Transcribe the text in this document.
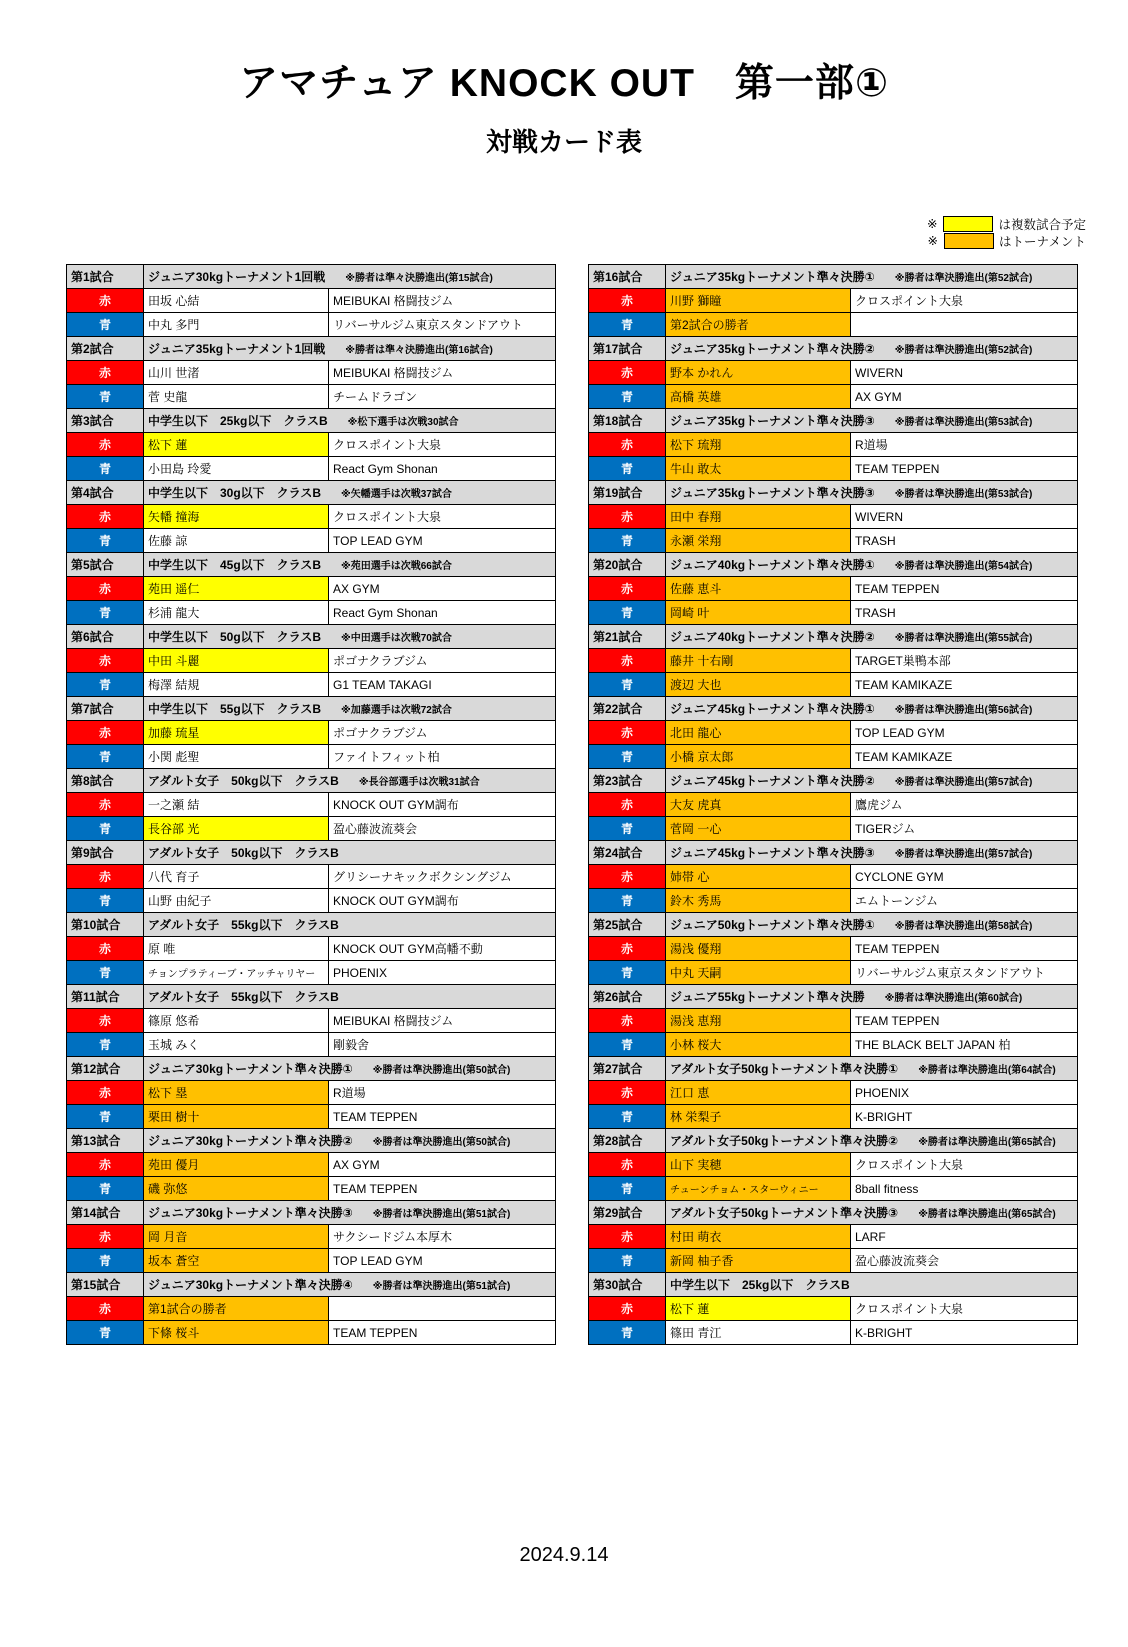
アマチュア KNOCK OUT　第一部①
対戦カード表
※	は複数試合予定
※	はトーナメント
第1試合	ジュニア30kgトーナメント1回戦　　※勝者は準々決勝進出(第15試合)	
赤	田坂 心結	MEIBUKAI 格闘技ジム
青	中丸 多門	リバーサルジム東京スタンドアウト
第2試合	ジュニア35kgトーナメント1回戦　　※勝者は準々決勝進出(第16試合)	
赤	山川 世渚	MEIBUKAI 格闘技ジム
青	菅 史龍	チームドラゴン
第3試合	中学生以下　25kg以下　クラスB　　※松下選手は次戦30試合	
赤	松下 蓮	クロスポイント大泉
青	小田島 玲愛	React Gym Shonan
第4試合	中学生以下　30g以下　クラスB　　※矢幡選手は次戦37試合	
赤	矢幡 撞海	クロスポイント大泉
青	佐藤 諒	TOP LEAD GYM
第5試合	中学生以下　45g以下　クラスB　　※苑田選手は次戦66試合	
赤	苑田 遥仁	AX GYM
青	杉浦 龍大	React Gym Shonan
第6試合	中学生以下　50g以下　クラスB　　※中田選手は次戦70試合	
赤	中田 斗麗	ポゴナクラブジム
青	梅澤 結規	G1 TEAM TAKAGI
第7試合	中学生以下　55g以下　クラスB　　※加藤選手は次戦72試合	
赤	加藤 琉星	ポゴナクラブジム
青	小関 彪聖	ファイトフィット柏
第8試合	アダルト女子　50kg以下　クラスB　　※長谷部選手は次戦31試合	
赤	一之瀬 結	KNOCK OUT GYM調布
青	長谷部 光	盈心藤波流葵会
第9試合	アダルト女子　50kg以下　クラスB	
赤	八代 育子	グリシーナキックボクシングジム
青	山野 由紀子	KNOCK OUT GYM調布
第10試合	アダルト女子　55kg以下　クラスB	
赤	原 唯	KNOCK OUT GYM高幡不動
青	チョンプラティーブ・アッチャリヤー	PHOENIX
第11試合	アダルト女子　55kg以下　クラスB	
赤	篠原 悠希	MEIBUKAI 格闘技ジム
青	玉城 みく	剛毅舍
第12試合	ジュニア30kgトーナメント準々決勝①　　※勝者は準決勝進出(第50試合)	
赤	松下 塁	R道場
青	栗田 樹十	TEAM TEPPEN
第13試合	ジュニア30kgトーナメント準々決勝②　　※勝者は準決勝進出(第50試合)	
赤	苑田 優月	AX GYM
青	磯 弥悠	TEAM TEPPEN
第14試合	ジュニア30kgトーナメント準々決勝③　　※勝者は準決勝進出(第51試合)	
赤	岡 月音	サクシードジム本厚木
青	坂本 蒼空	TOP LEAD GYM
第15試合	ジュニア30kgトーナメント準々決勝④　　※勝者は準決勝進出(第51試合)	
赤	第1試合の勝者	
青	下條 桜斗	TEAM TEPPEN
第16試合	ジュニア35kgトーナメント準々決勝①　　※勝者は準決勝進出(第52試合)	
赤	川野 獅瞳	クロスポイント大泉
青	第2試合の勝者	
第17試合	ジュニア35kgトーナメント準々決勝②　　※勝者は準決勝進出(第52試合)	
赤	野本 かれん	WIVERN
青	高橋 英雄	AX GYM
第18試合	ジュニア35kgトーナメント準々決勝③　　※勝者は準決勝進出(第53試合)	
赤	松下 琉翔	R道場
青	牛山 敢太	TEAM TEPPEN
第19試合	ジュニア35kgトーナメント準々決勝③　　※勝者は準決勝進出(第53試合)	
赤	田中 春翔	WIVERN
青	永瀬 栄翔	TRASH
第20試合	ジュニア40kgトーナメント準々決勝①　　※勝者は準決勝進出(第54試合)	
赤	佐藤 恵斗	TEAM TEPPEN
青	岡崎 叶	TRASH
第21試合	ジュニア40kgトーナメント準々決勝②　　※勝者は準決勝進出(第55試合)	
赤	藤井 十右剛	TARGET巣鴨本部
青	渡辺 大也	TEAM KAMIKAZE
第22試合	ジュニア45kgトーナメント準々決勝①　　※勝者は準決勝進出(第56試合)	
赤	北田 龍心	TOP LEAD GYM
青	小橋 京太郎	TEAM KAMIKAZE
第23試合	ジュニア45kgトーナメント準々決勝②　　※勝者は準決勝進出(第57試合)	
赤	大友 虎真	鷹虎ジム
青	菅岡 一心	TIGERジム
第24試合	ジュニア45kgトーナメント準々決勝③　　※勝者は準決勝進出(第57試合)	
赤	姉帯 心	CYCLONE GYM
青	鈴木 秀馬	エムトーンジム
第25試合	ジュニア50kgトーナメント準々決勝①　　※勝者は準決勝進出(第58試合)	
赤	湯浅 優翔	TEAM TEPPEN
青	中丸 天嗣	リバーサルジム東京スタンドアウト
第26試合	ジュニア55kgトーナメント準々決勝　　※勝者は準決勝進出(第60試合)	
赤	湯浅 恵翔	TEAM TEPPEN
青	小林 桜大	THE BLACK BELT JAPAN 柏
第27試合	アダルト女子50kgトーナメント準々決勝①　　※勝者は準決勝進出(第64試合)	
赤	江口 恵	PHOENIX
青	林 栄梨子	K-BRIGHT
第28試合	アダルト女子50kgトーナメント準々決勝②　　※勝者は準決勝進出(第65試合)	
赤	山下 実穂	クロスポイント大泉
青	チューンチョム・スターウィニー	8ball fitness
第29試合	アダルト女子50kgトーナメント準々決勝③　　※勝者は準決勝進出(第65試合)	
赤	村田 萌衣	LARF
青	新岡 柚子香	盈心藤波流葵会
第30試合	中学生以下　25kg以下　クラスB	
赤	松下 蓮	クロスポイント大泉
青	篠田 青江	K-BRIGHT
2024.9.14
